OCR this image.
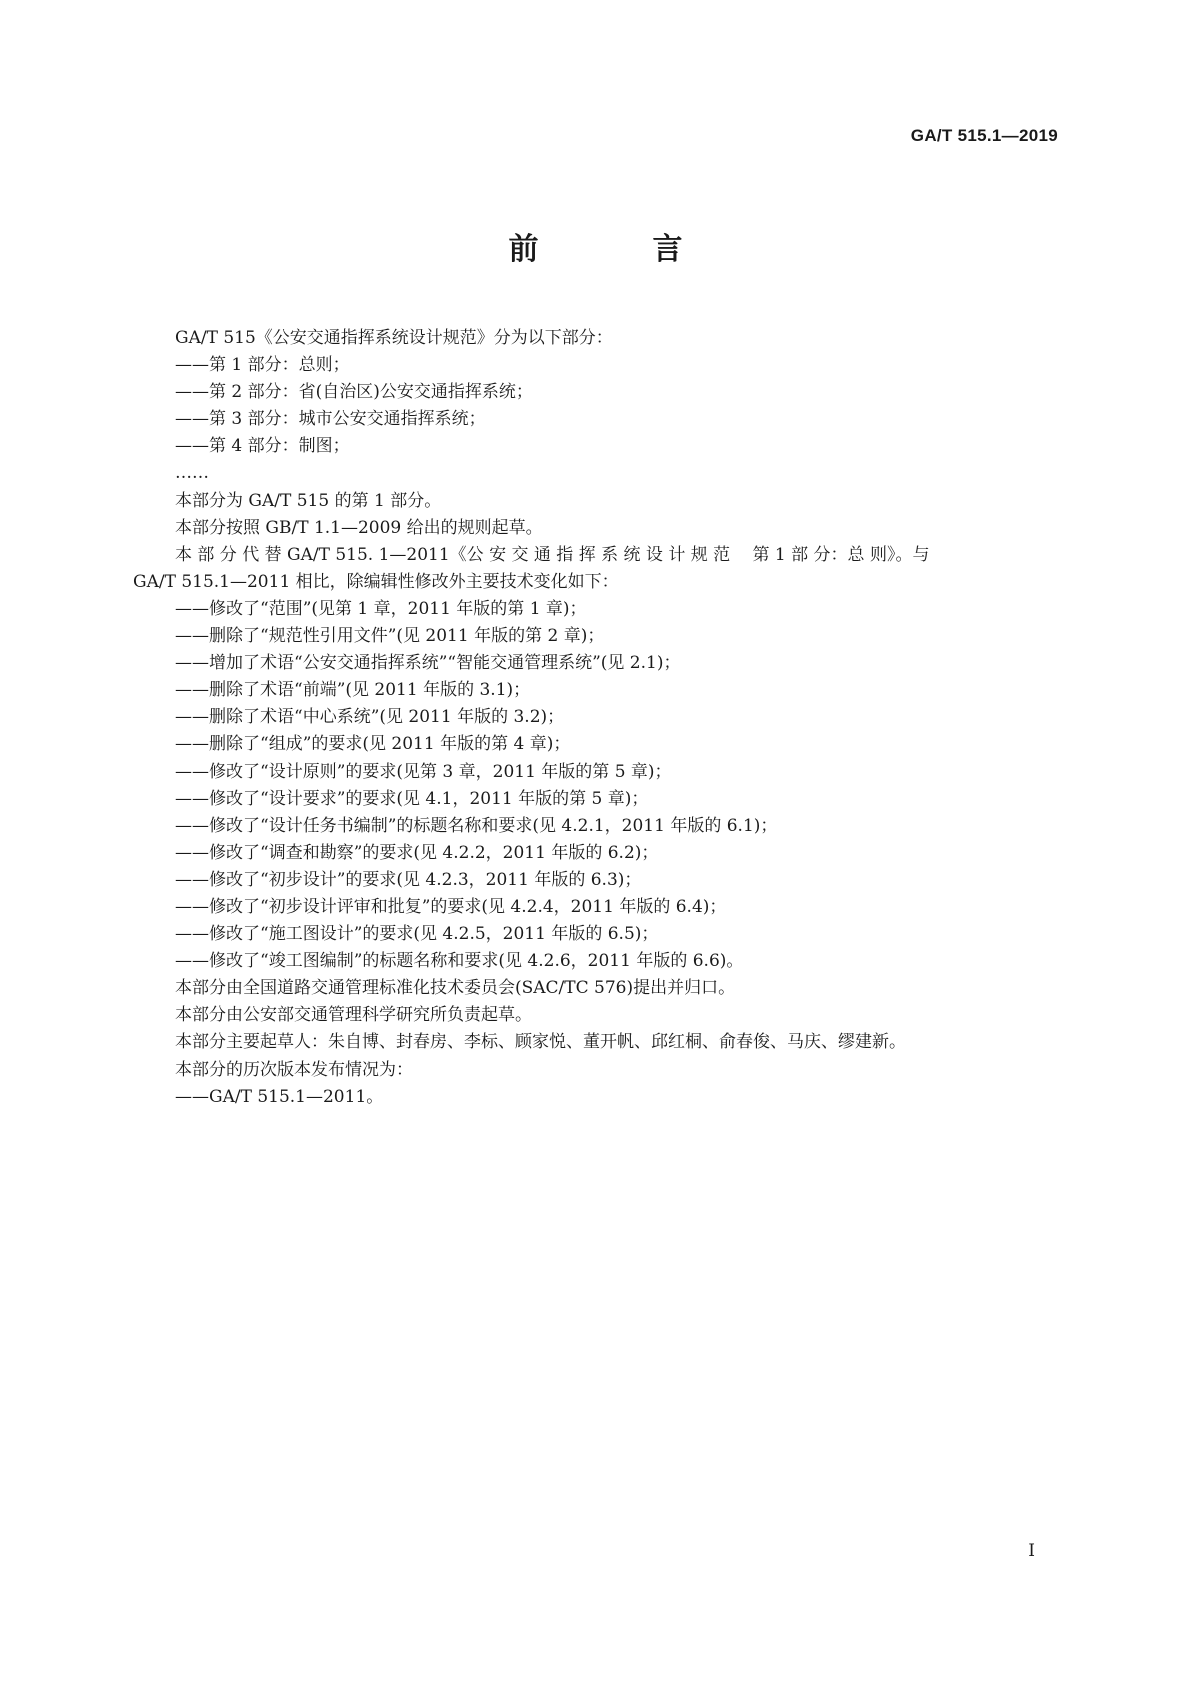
GA/T 515.1—2019
前　言
GA/T 515《公安交通指挥系统设计规范》分为以下部分：
——第 1 部分：总则；
——第 2 部分：省(自治区)公安交通指挥系统；
——第 3 部分：城市公安交通指挥系统；
——第 4 部分：制图；
……
本部分为 GA/T 515 的第 1 部分。
本部分按照 GB/T 1.1—2009 给出的规则起草。
本 部 分 代 替 GA/T 515. 1—2011《公 安 交 通 指 挥 系 统 设 计 规 范　 第 1 部 分：总 则》。与
GA/T 515.1—2011 相比，除编辑性修改外主要技术变化如下：
——修改了“范围”(见第 1 章，2011 年版的第 1 章)；
——删除了“规范性引用文件”(见 2011 年版的第 2 章)；
——增加了术语“公安交通指挥系统”“智能交通管理系统”(见 2.1)；
——删除了术语“前端”(见 2011 年版的 3.1)；
——删除了术语“中心系统”(见 2011 年版的 3.2)；
——删除了“组成”的要求(见 2011 年版的第 4 章)；
——修改了“设计原则”的要求(见第 3 章，2011 年版的第 5 章)；
——修改了“设计要求”的要求(见 4.1，2011 年版的第 5 章)；
——修改了“设计任务书编制”的标题名称和要求(见 4.2.1，2011 年版的 6.1)；
——修改了“调查和勘察”的要求(见 4.2.2，2011 年版的 6.2)；
——修改了“初步设计”的要求(见 4.2.3，2011 年版的 6.3)；
——修改了“初步设计评审和批复”的要求(见 4.2.4，2011 年版的 6.4)；
——修改了“施工图设计”的要求(见 4.2.5，2011 年版的 6.5)；
——修改了“竣工图编制”的标题名称和要求(见 4.2.6，2011 年版的 6.6)。
本部分由全国道路交通管理标准化技术委员会(SAC/TC 576)提出并归口。
本部分由公安部交通管理科学研究所负责起草。
本部分主要起草人：朱自博、封春房、李标、顾家悦、董开帆、邱红桐、俞春俊、马庆、缪建新。
本部分的历次版本发布情况为：
——GA/T 515.1—2011。
I
